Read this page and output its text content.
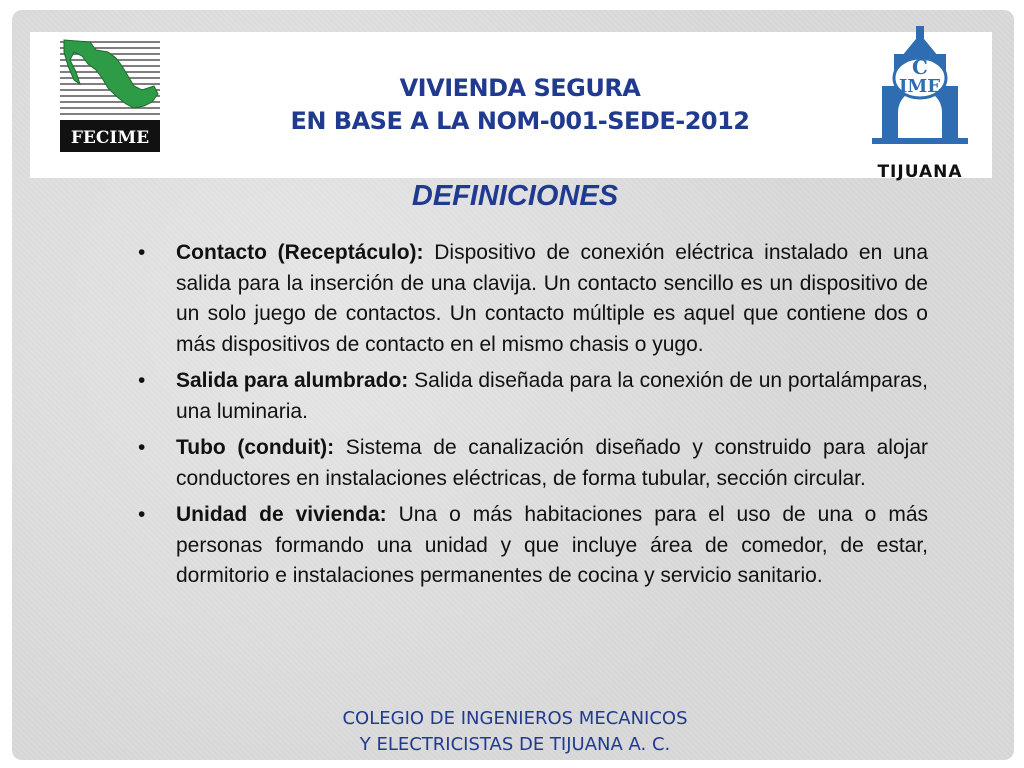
FECIME
C
IME
TIJUANA
VIVIENDA SEGURA
EN BASE A LA NOM-001-SEDE-2012
DEFINICIONES
• Contacto (Receptáculo): Dispositivo de conexión eléctrica instalado en una salida para la inserción de una clavija. Un contacto sencillo es un dispositivo de un solo juego de contactos. Un contacto múltiple es aquel que contiene dos o más dispositivos de contacto en el mismo chasis o yugo.
• Salida para alumbrado: Salida diseñada para la conexión de un portalámparas, una luminaria.
• Tubo (conduit): Sistema de canalización diseñado y construido para alojar conductores en instalaciones eléctricas, de forma tubular, sección circular.
• Unidad de vivienda: Una o más habitaciones para el uso de una o más personas formando una unidad y que incluye área de comedor, de estar, dormitorio e instalaciones permanentes de cocina y servicio sanitario.
COLEGIO DE INGENIEROS MECANICOS
Y ELECTRICISTAS DE TIJUANA A. C.
